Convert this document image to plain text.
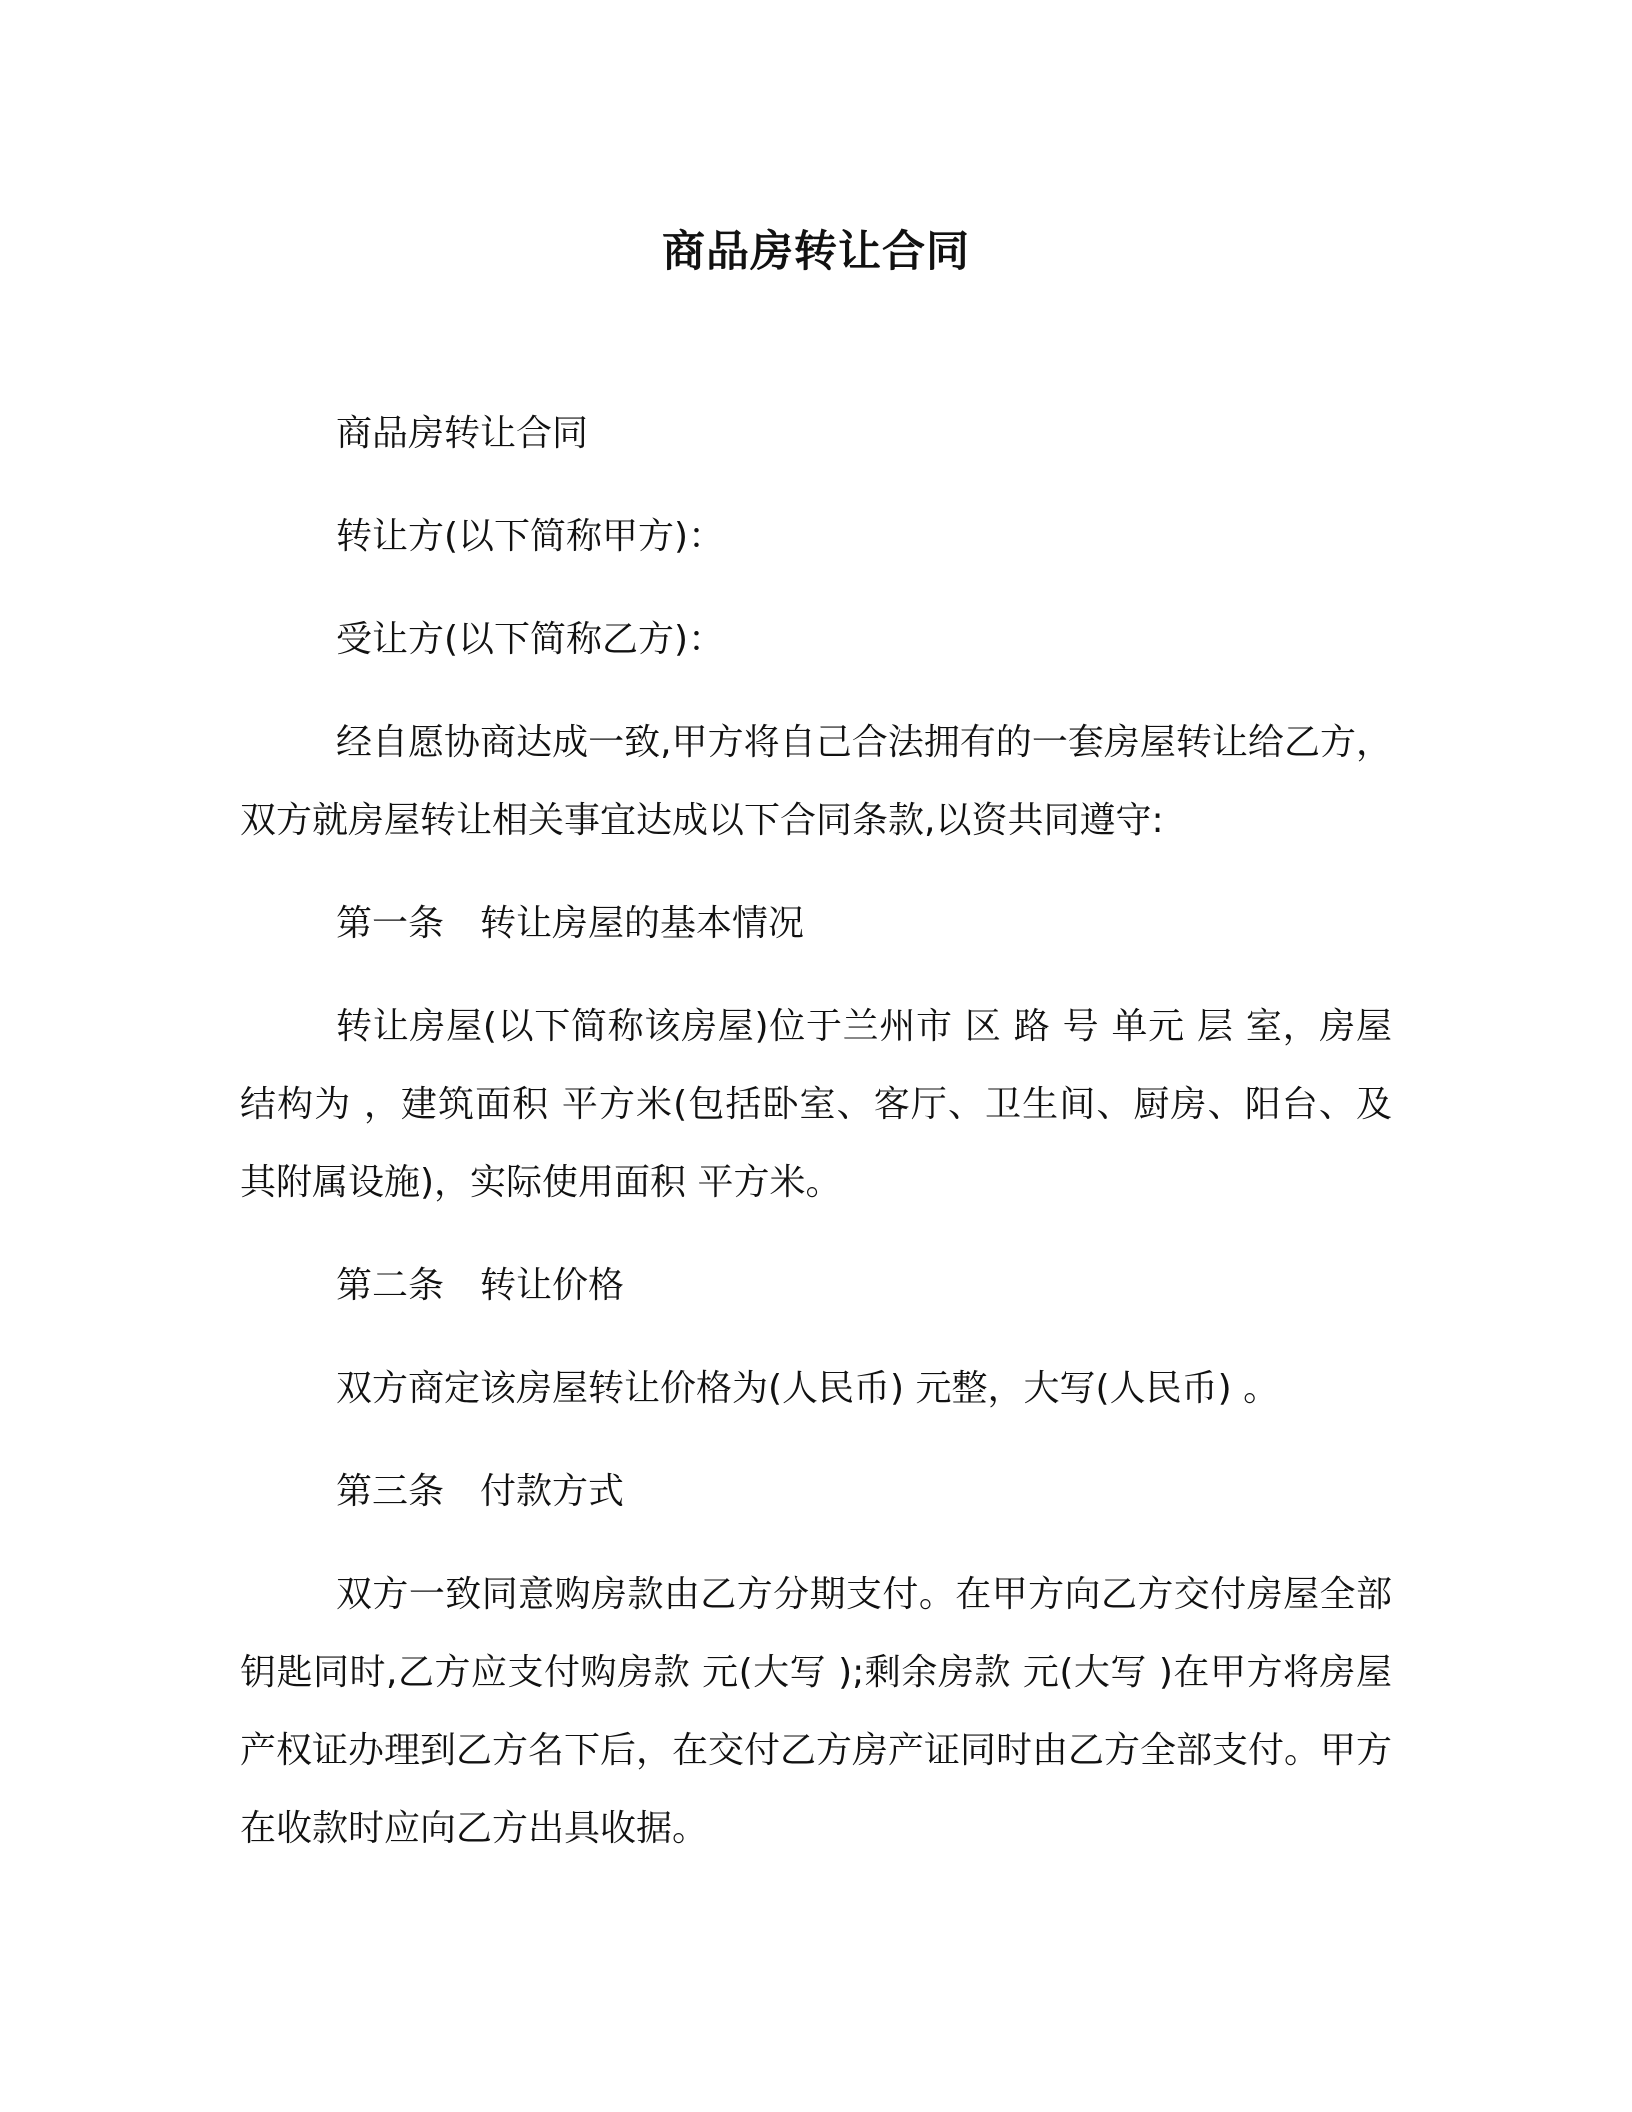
商品房转让合同

商品房转让合同

转让方(以下简称甲方)：

受让方(以下简称乙方)：

经自愿协商达成一致,甲方将自己合法拥有的一套房屋转让给乙方，双方就房屋转让相关事宜达成以下合同条款,以资共同遵守:

第一条　转让房屋的基本情况

转让房屋(以下简称该房屋)位于兰州市 区 路 号 单元 层 室，房屋结构为 ，建筑面积 平方米(包括卧室、客厅、卫生间、厨房、阳台、及其附属设施)，实际使用面积 平方米。

第二条　转让价格

双方商定该房屋转让价格为(人民币) 元整，大写(人民币) 。

第三条　付款方式

双方一致同意购房款由乙方分期支付。在甲方向乙方交付房屋全部钥匙同时,乙方应支付购房款 元(大写 );剩余房款 元(大写 )在甲方将房屋产权证办理到乙方名下后，在交付乙方房产证同时由乙方全部支付。甲方在收款时应向乙方出具收据。
